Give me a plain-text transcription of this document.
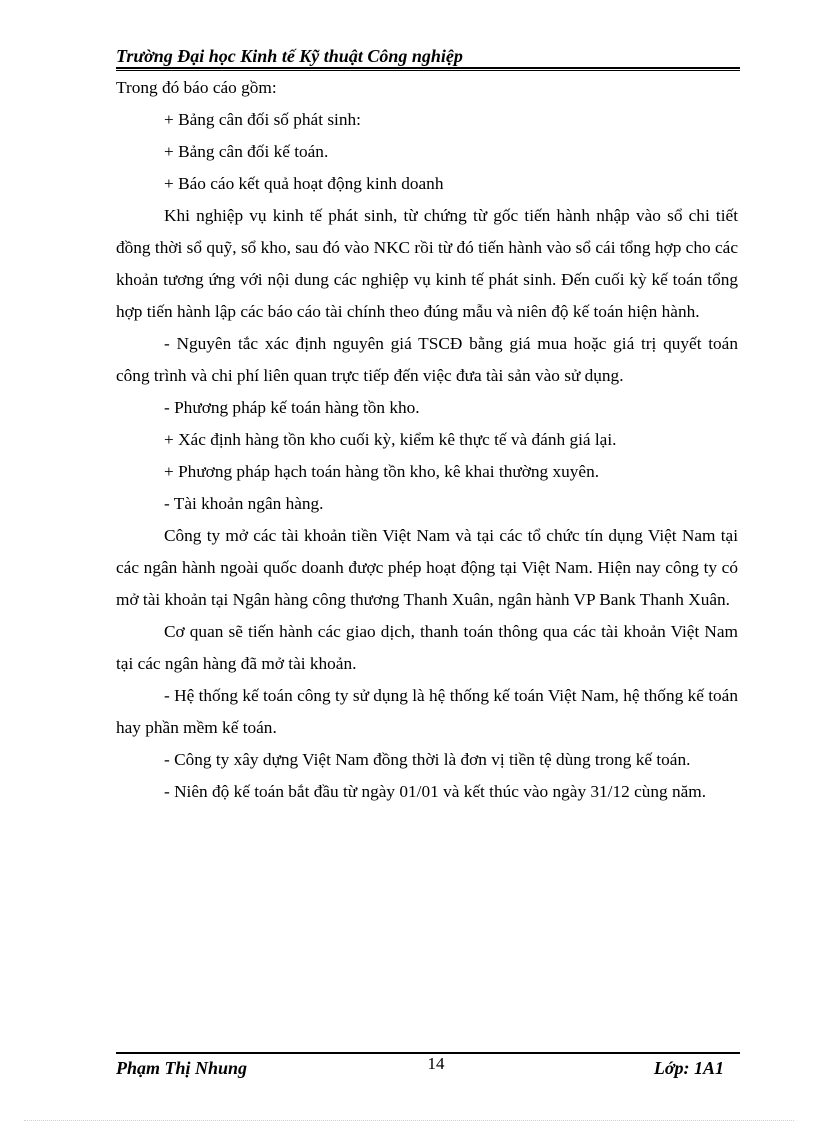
Trường Đại học Kinh tế Kỹ thuật Công nghiệp

Trong đó báo cáo gồm:

+ Bảng cân đối số phát sinh:

+ Bảng cân đối kế toán.

+ Báo cáo kết quả hoạt động kinh doanh

Khi nghiệp vụ kinh tế phát sinh, từ chứng từ gốc tiến hành nhập vào sổ chi tiết đồng thời sổ quỹ, sổ kho, sau đó vào NKC rồi từ đó tiến hành vào sổ cái tổng hợp cho các khoản tương ứng với nội dung các nghiệp vụ kinh tế phát sinh. Đến cuối kỳ kế toán tổng hợp tiến hành lập các báo cáo tài chính theo đúng mẫu và niên độ kế toán hiện hành.

- Nguyên tắc xác định nguyên giá TSCĐ bằng giá mua hoặc giá trị quyết toán công trình và chi phí liên quan trực tiếp đến việc đưa tài sản vào sử dụng.

- Phương pháp kế toán hàng tồn kho.

+ Xác định hàng tồn kho cuối kỳ, kiểm kê thực tế và đánh giá lại.

+ Phương pháp hạch toán hàng tồn kho, kê khai thường xuyên.

- Tài khoản ngân hàng.

Công ty mở các tài khoản tiền Việt Nam và tại các tổ chức tín dụng Việt Nam tại các ngân hành ngoài quốc doanh được phép hoạt động tại Việt Nam. Hiện nay công ty có mở tài khoản tại Ngân hàng công thương Thanh Xuân, ngân hành VP Bank Thanh Xuân.

Cơ quan sẽ tiến hành các giao dịch, thanh toán thông qua các tài khoản Việt Nam tại các ngân hàng đã mở tài khoản.

- Hệ thống kế toán công ty sử dụng là hệ thống kế toán Việt Nam, hệ thống kế toán hay phần mềm kế toán.

- Công ty xây dựng Việt Nam đồng thời là đơn vị tiền tệ dùng trong kế toán.

- Niên độ kế toán bắt đầu từ ngày 01/01 và kết thúc vào ngày 31/12 cùng năm.

Phạm Thị Nhung	14	Lớp: 1A1
